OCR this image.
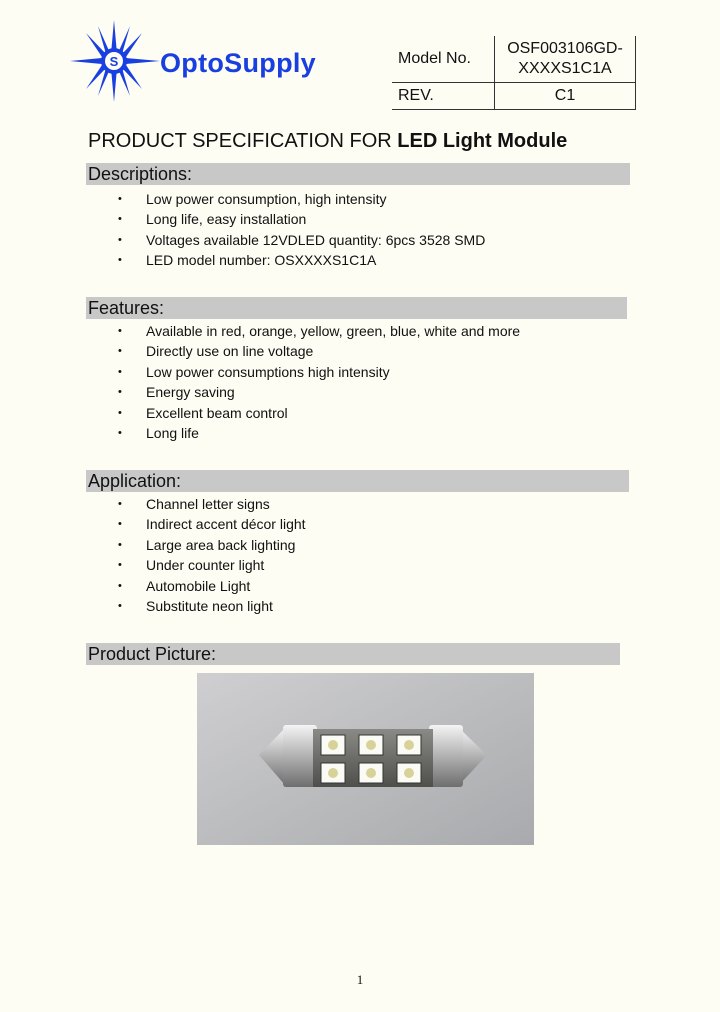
S OptoSupply	Model No.	OSF003106GD-
XXXXS1C1A
REV.	C1
PRODUCT SPECIFICATION FOR LED Light Module
Descriptions:
• Low power consumption, high intensity
• Long life, easy installation
• Voltages available 12VDLED quantity: 6pcs 3528 SMD
• LED model number: OSXXXXS1C1A
Features:
• Available in red, orange, yellow, green, blue, white and more
• Directly use on line voltage
• Low power consumptions high intensity
• Energy saving
• Excellent beam control
• Long life
Application:
• Channel letter signs
• Indirect accent décor light
• Large area back lighting
• Under counter light
• Automobile Light
• Substitute neon light
Product Picture:
1
